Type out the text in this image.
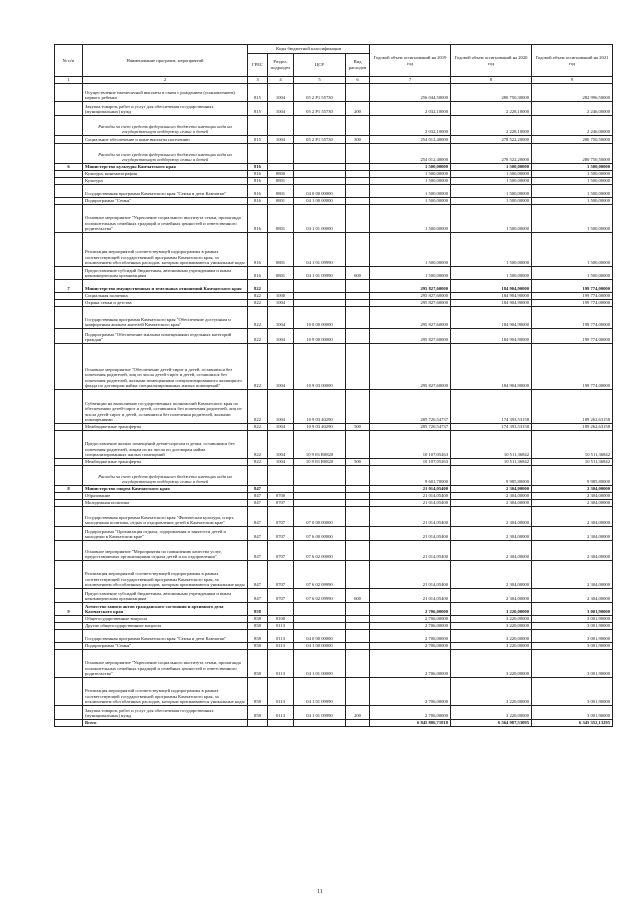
№ п/п	Наименование программ, мероприятий	Коды бюджетной классификации				Годовой объем ассигнований на 2019 год	Годовой объем ассигнований на 2020 год	Годовой объем ассигнований на 2021 год
		ГРБС	Раздел, подраздел	ЦСР	Вид расходов			
1	2	3	4	5	6	7	8	9
	Осуществление ежемесячной выплаты в связи с рождением (усыновлением) первого ребенка	815	1004	05 2 P1 55730		256 044,50000	280 750,30000	282 996,50000
	Закупка товаров, работ и услуг для обеспечения государственных (муниципальных) нужд	815	1004	05 2 P1 55730	200	2 032,10000	2 228,10000	2 246,00000
	Расходы за счет средств федерального бюджета имеющих кода на государственную поддержку семьи и детей					2 032,10000	2 228,10000	2 246,00000
	Социальное обеспечение и иные выплаты населению	815	1004	05 2 P1 55730	300	254 012,40000	278 522,20000	280 750,50000
	Расходы за счет средств федерального бюджета имеющих кода на государственную поддержку семьи и детей					254 012,40000	278 522,20000	280 750,50000
6	Министерство культуры Камчатского края	816				1 500,00000	1 500,00000	1 500,00000
	Культура, кинематография	816	0800			1 500,00000	1 500,00000	1 500,00000
	Культура	816	0801			1 500,00000	1 500,00000	1 500,00000
	Государственная программа Камчатского края "Семья и дети Камчатки"	816	0801	04 0 00 00000		1 500,00000	1 500,00000	1 500,00000
	Подпрограмма "Семья"	816	0801	04 1 00 00000		1 500,00000	1 500,00000	1 500,00000
	Основное мероприятие "Укрепление социального института семьи, пропаганда положительных семейных традиций и семейных ценностей и ответственного родительства"	816	0801	04 1 01 00000		1 500,00000	1 500,00000	1 500,00000
	Реализация мероприятий соответствующей подпрограммы в рамках соответствующей государственной программы Камчатского края, за исключением обособленных расходов, которым присваиваются уникальные коды	816	0801	04 1 01 09990		1 500,00000	1 500,00000	1 500,00000
	Предоставление субсидий бюджетным, автономным учреждениям и иным некоммерческим организациям	816	0801	04 1 01 09990	600	1 500,00000	1 500,00000	1 500,00000
7	Министерство имущественных и земельных отношений Камчатского края	822				295 827,60000	184 904,90000	199 774,00000
	Социальная политика	822	1000			295 827,60000	184 904,90000	199 774,00000
	Охрана семьи и детства	822	1004			295 827,60000	184 904,90000	199 774,00000
	Государственная программа Камчатского края "Обеспечение доступным и комфортным жильем жителей Камчатского края"	822	1004	10 0 00 00000		295 827,60000	184 904,90000	199 774,00000
	Подпрограмма "Обеспечение жилыми помещениями отдельных категорий граждан"	822	1004	10 9 00 00000		295 827,60000	184 904,90000	199 774,00000
	Основное мероприятие "Обеспечение детей-сирот и детей, оставшихся без попечения родителей, лиц из числа детей-сирот и детей, оставшихся без попечения родителей, жилыми помещениями специализированного жилищного фонда по договорам найма специализированных жилых помещений"	822	1004	10 9 03 00000		295 827,60000	184 904,90000	199 774,00000
	Субвенции на выполнение государственных полномочий Камчатского края по обеспечению детей-сирот и детей, оставшихся без попечения родителей, лиц из числа детей-сирот и детей, оставшихся без попечения родителей, жилыми помещениями	822	1004	10 9 03 40290		285 720,54737	174 393,53158	189 262,63158
	Межбюджетные трансферты	822	1004	10 9 03 40290	500	285 720,54737	174 393,53158	189 262,63158
	Предоставление жилых помещений детям-сиротам и детям, оставшимся без попечения родителей, лицам из их числа по договорам найма специализированных жилых помещений	822	1004	10 9 03 R0820		10 107,05263	10 511,36842	10 511,36842
	Межбюджетные трансферты	822	1004	10 9 03 R0820	500	10 107,05263	10 511,36842	10 511,36842
	Расходы за счет средств федерального бюджета имеющих кода на государственную поддержку семьи и детей					9 601,70000	9 985,80000	9 985,80000
8	Министерство спорта Камчатского края	847				21 014,05400	2 304,00000	2 304,00000
	Образование	847	0700			21 014,05400	2 304,00000	2 304,00000
	Молодежная политика	847	0707			21 014,05400	2 304,00000	2 304,00000
	Государственная программа Камчатского края "Физическая культура, спорт, молодежная политика, отдых и оздоровление детей в Камчатском крае"	847	0707	07 0 00 00000		21 014,05400	2 304,00000	2 304,00000
	Подпрограмма "Организация отдыха, оздоровления и занятости детей и молодежи в Камчатском крае"	847	0707	07 6 00 00000		21 014,05400	2 304,00000	2 304,00000
	Основное мероприятие "Мероприятия по повышению качества услуг, предоставляемых организациями отдыха детей и их оздоровления"	847	0707	07 6 02 00000		21 014,05400	2 304,00000	2 304,00000
	Реализация мероприятий соответствующей подпрограммы в рамках соответствующей государственной программы Камчатского края, за исключением обособленных расходов, которым присваиваются уникальные коды	847	0707	07 6 02 09990		21 014,05400	2 304,00000	2 304,00000
	Предоставление субсидий бюджетным, автономным учреждениям и иным некоммерческим организациям	847	0707	07 6 02 09990	600	21 014,05400	2 304,00000	2 304,00000
9	Агентство записи актов гражданского состояния и архивного дела Камчатского края	858				2 706,00000	3 220,00000	3 001,90000
	Общегосударственные вопросы	858	0100			2 706,00000	3 220,00000	3 001,90000
	Другие общегосударственные вопросы	858	0113			2 706,00000	3 220,00000	3 001,90000
	Государственная программа Камчатского края "Семья и дети Камчатки"	858	0113	04 0 00 00000		2 706,00000	3 220,00000	3 001,90000
	Подпрограмма "Семья"	858	0113	04 1 00 00000		2 706,00000	3 220,00000	3 001,90000
	Основное мероприятие "Укрепление социального института семьи, пропаганда положительных семейных традиций и семейных ценностей и ответственного родительства"	858	0113	04 1 01 00000		2 706,00000	3 220,00000	3 001,90000
	Реализация мероприятий соответствующей подпрограммы в рамках соответствующей государственной программы Камчатского края, за исключением обособленных расходов, которым присваиваются уникальные коды	858	0113	04 1 01 09990		2 706,00000	3 220,00000	3 001,90000
	Закупка товаров, работ и услуг для обеспечения государственных (муниципальных) нужд	858	0113	04 1 01 09990	200	2 706,00000	3 220,00000	3 001,90000
	Всего					6 845 806,71818	6 564 987,53095	6 345 352,13295
11
